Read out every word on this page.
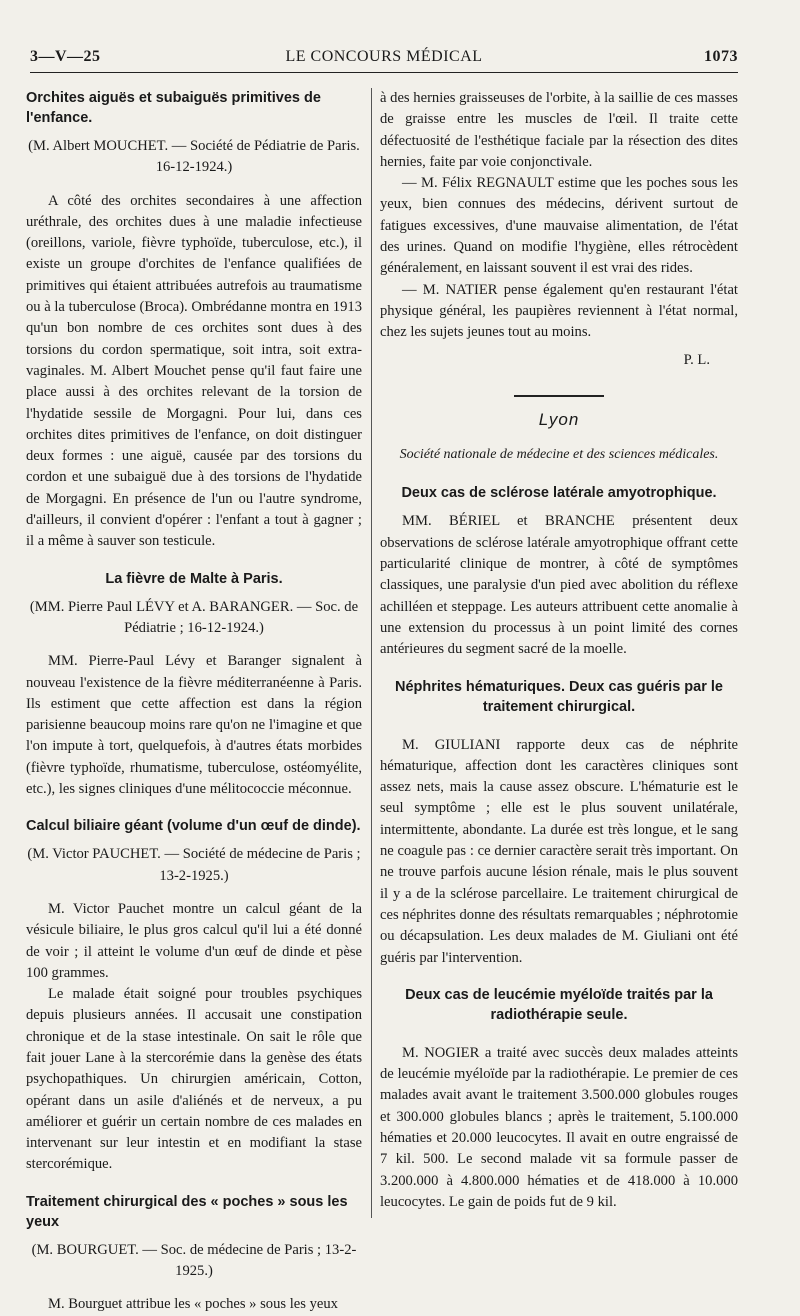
3—V—25	LE CONCOURS MÉDICAL	1073
Orchites aiguës et subaiguës primitives de l'enfance.

(M. Albert MOUCHET. — Société de Pédiatrie de Paris. 16-12-1924.)

A côté des orchites secondaires à une affection uréthrale, des orchites dues à une maladie infectieuse (oreillons, variole, fièvre typhoïde, tuberculose, etc.), il existe un groupe d'orchites de l'enfance qualifiées de primitives qui étaient attribuées autrefois au traumatisme ou à la tuberculose (Broca). Ombrédanne montra en 1913 qu'un bon nombre de ces orchites sont dues à des torsions du cordon spermatique, soit intra, soit extra-vaginales. M. Albert Mouchet pense qu'il faut faire une place aussi à des orchites relevant de la torsion de l'hydatide sessile de Morgagni. Pour lui, dans ces orchites dites primitives de l'enfance, on doit distinguer deux formes : une aiguë, causée par des torsions du cordon et une subaiguë due à des torsions de l'hydatide de Morgagni. En présence de l'un ou l'autre syndrome, d'ailleurs, il convient d'opérer : l'enfant a tout à gagner ; il a même à sauver son testicule.

La fièvre de Malte à Paris.

(MM. Pierre Paul LÉVY et A. BARANGER. — Soc. de Pédiatrie ; 16-12-1924.)

MM. Pierre-Paul Lévy et Baranger signalent à nouveau l'existence de la fièvre méditerranéenne à Paris. Ils estiment que cette affection est dans la région parisienne beaucoup moins rare qu'on ne l'imagine et que l'on impute à tort, quelquefois, à d'autres états morbides (fièvre typhoïde, rhumatisme, tuberculose, ostéomyélite, etc.), les signes cliniques d'une mélitococcie méconnue.

Calcul biliaire géant (volume d'un œuf de dinde).

(M. Victor PAUCHET. — Société de médecine de Paris ; 13-2-1925.)

M. Victor Pauchet montre un calcul géant de la vésicule biliaire, le plus gros calcul qu'il lui a été donné de voir ; il atteint le volume d'un œuf de dinde et pèse 100 grammes.

Le malade était soigné pour troubles psychiques depuis plusieurs années. Il accusait une constipation chronique et de la stase intestinale. On sait le rôle que fait jouer Lane à la stercorémie dans la genèse des états psychopathiques. Un chirurgien américain, Cotton, opérant dans un asile d'aliénés et de nerveux, a pu améliorer et guérir un certain nombre de ces malades en intervenant sur leur intestin et en modifiant la stase stercorémique.

Traitement chirurgical des « poches » sous les yeux

(M. BOURGUET. — Soc. de médecine de Paris ; 13-2-1925.)

M. Bourguet attribue les « poches » sous les yeux

à des hernies graisseuses de l'orbite, à la saillie de ces masses de graisse entre les muscles de l'œil. Il traite cette défectuosité de l'esthétique faciale par la résection des dites hernies, faite par voie conjonctivale.

— M. Félix REGNAULT estime que les poches sous les yeux, bien connues des médecins, dérivent surtout de fatigues excessives, d'une mauvaise alimentation, de l'état des urines. Quand on modifie l'hygiène, elles rétrocèdent généralement, en laissant souvent il est vrai des rides.

— M. NATIER pense également qu'en restaurant l'état physique général, les paupières reviennent à l'état normal, chez les sujets jeunes tout au moins.

P. L.

Lyon
Société nationale de médecine et des sciences médicales.
Deux cas de sclérose latérale amyotrophique.

MM. BÉRIEL et BRANCHE présentent deux observations de sclérose latérale amyotrophique offrant cette particularité clinique de montrer, à côté de symptômes classiques, une paralysie d'un pied avec abolition du réflexe achilléen et steppage. Les auteurs attribuent cette anomalie à une extension du processus à un point limité des cornes antérieures du segment sacré de la moelle.

Néphrites hématuriques. Deux cas guéris par le traitement chirurgical.

M. GIULIANI rapporte deux cas de néphrite hématurique, affection dont les caractères cliniques sont assez nets, mais la cause assez obscure. L'hématurie est le seul symptôme ; elle est le plus souvent unilatérale, intermittente, abondante. La durée est très longue, et le sang ne coagule pas : ce dernier caractère serait très important. On ne trouve parfois aucune lésion rénale, mais le plus souvent il y a de la sclérose parcellaire. Le traitement chirurgical de ces néphrites donne des résultats remarquables ; néphrotomie ou décapsulation. Les deux malades de M. Giuliani ont été guéris par l'intervention.

Deux cas de leucémie myéloïde traités par la radiothérapie seule.

M. NOGIER a traité avec succès deux malades atteints de leucémie myéloïde par la radiothérapie. Le premier de ces malades avait avant le traitement 3.500.000 globules rouges et 300.000 globules blancs ; après le traitement, 5.100.000 hématies et 20.000 leucocytes. Il avait en outre engraissé de 7 kil. 500. Le second malade vit sa formule passer de 3.200.000 à 4.800.000 hématies et de 418.000 à 10.000 leucocytes. Le gain de poids fut de 9 kil.
